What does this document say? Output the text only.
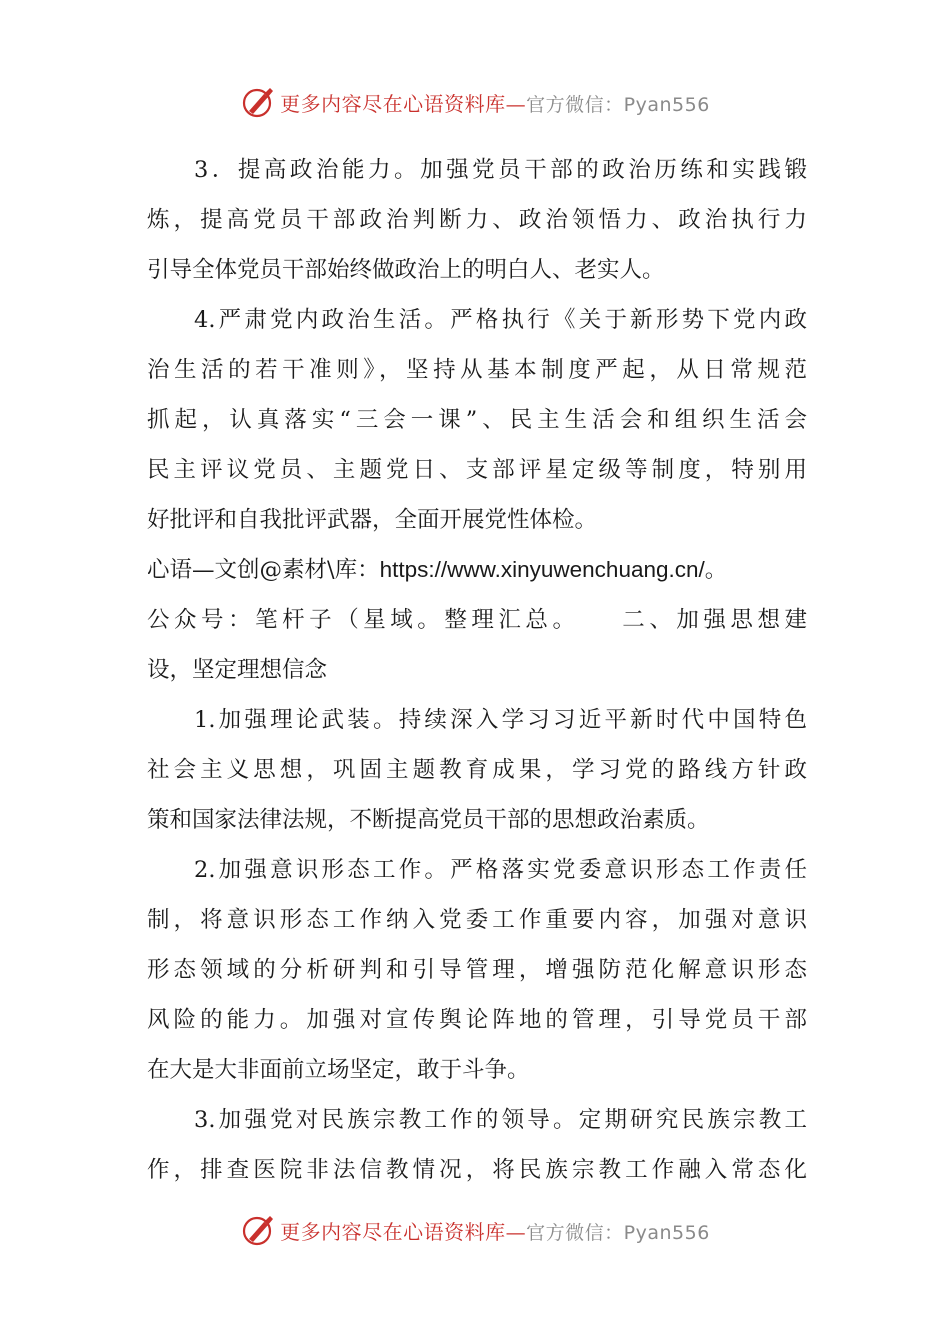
更多内容尽在心语资料库—官方微信：Pyan556
3．提高政治能力。加强党员干部的政治历练和实践锻
炼，提高党员干部政治判断力、政治领悟力、政治执行力
引导全体党员干部始终做政治上的明白人、老实人。
4.严肃党内政治生活。严格执行《关于新形势下党内政
治生活的若干准则》，坚持从基本制度严起，从日常规范
抓起，认真落实“三会一课”、民主生活会和组织生活会
民主评议党员、主题党日、支部评星定级等制度，特别用
好批评和自我批评武器，全面开展党性体检。
心语—文创@素材\库：https://www.xinyuwenchuang.cn/。
公众号：笔杆子（星域。整理汇总。　　二、加强思想建
设，坚定理想信念
1.加强理论武装。持续深入学习习近平新时代中国特色
社会主义思想，巩固主题教育成果，学习党的路线方针政
策和国家法律法规，不断提高党员干部的思想政治素质。
2.加强意识形态工作。严格落实党委意识形态工作责任
制，将意识形态工作纳入党委工作重要内容，加强对意识
形态领域的分析研判和引导管理，增强防范化解意识形态
风险的能力。加强对宣传舆论阵地的管理，引导党员干部
在大是大非面前立场坚定，敢于斗争。
3.加强党对民族宗教工作的领导。定期研究民族宗教工
作，排查医院非法信教情况，将民族宗教工作融入常态化
更多内容尽在心语资料库—官方微信：Pyan556
